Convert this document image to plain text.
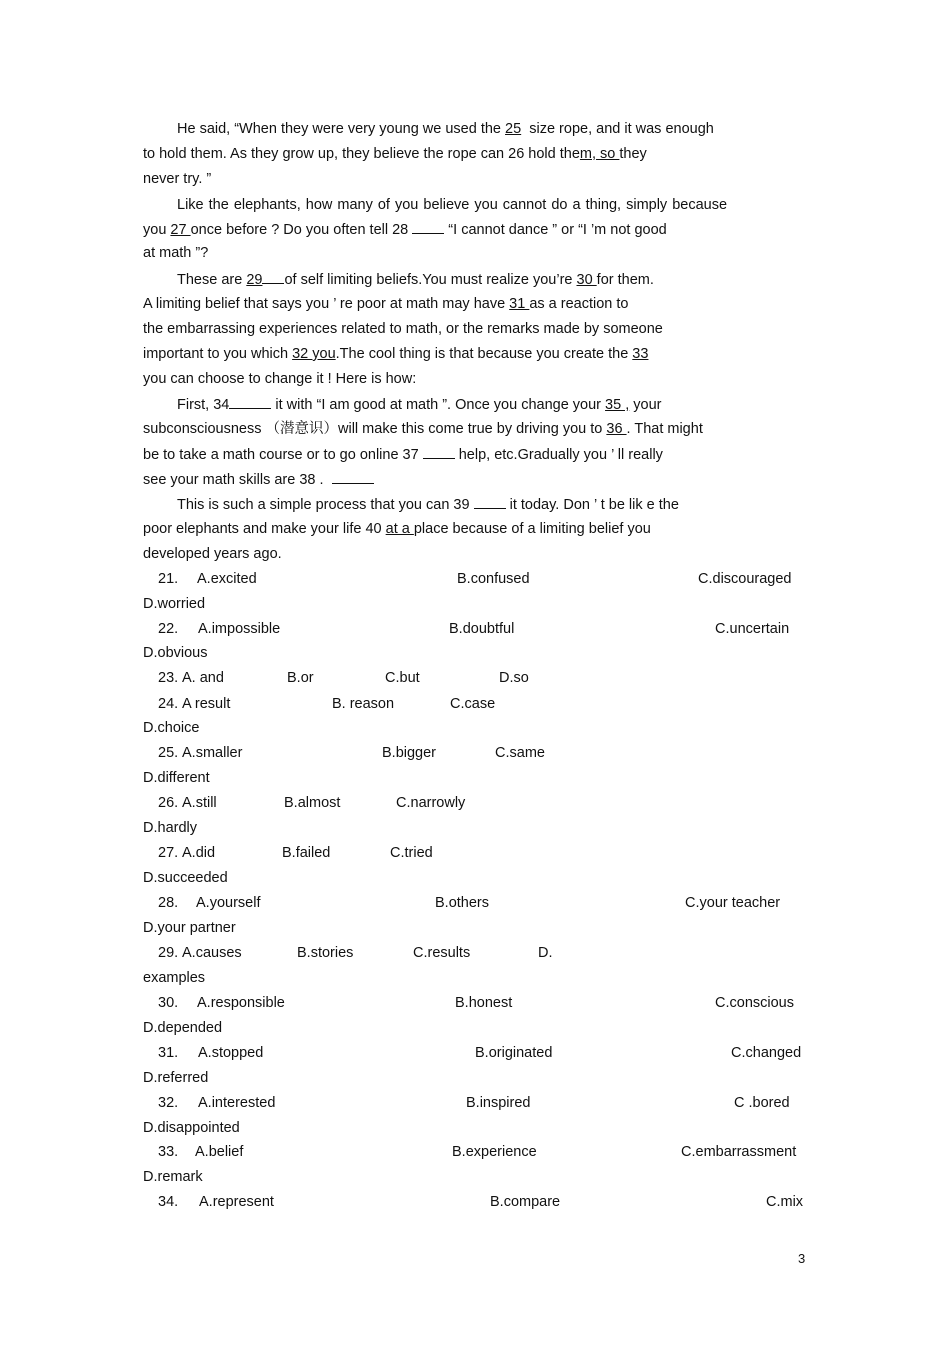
He said, “When they were very young we used the 25  size rope, and it was enough
to hold them. As they grow up, they believe the rope can 26 hold them, so they
never try. ”
Like the elephants, how many of you believe you cannot do a thing, simply because
you 27 once before ? Do you often tell 28  “I cannot dance ” or “I ’m not good
at math ”?
These are 29 of self limiting beliefs.You must realize you’re 30 for them.
A limiting belief that says you ’ re poor at math may have 31 as a reaction to
the embarrassing experiences related to math, or the remarks made by someone
important to you which 32 you.The cool thing is that because you create the 33
you can choose to change it ! Here is how:
First, 34	it with “I am good at math ”. Once you change your 35 , your
subconsciousness （潜意识）will make this come true by driving you to 36 . That might
be to take a math course or to go online 37  help, etc.Gradually you ’ ll really
see your math skills are 38 .
This is such a simple process that you can 39  it today. Don ’ t be lik e the
poor elephants and make your life 40 at a place because of a limiting belief you
developed years ago.
21. A.excited	B.confused	C.discouraged
D.worried
22. A.impossible	B.doubtful	C.uncertain
D.obvious
23. A. and	B.or	C.but	D.so
24. A result	B. reason	C.case
D.choice
25. A.smaller	B.bigger	C.same
D.different
26. A.still	B.almost	C.narrowly
D.hardly
27. A.did	B.failed	C.tried
D.succeeded
28. A.yourself	B.others	C.your teacher
D.your partner
29. A.causes	B.stories	C.results	D.
examples
30. A.responsible	B.honest	C.conscious
D.depended
31. A.stopped	B.originated	C.changed
D.referred
32. A.interested	B.inspired	C .bored
D.disappointed
33. A.belief	B.experience	C.embarrassment
D.remark
34. A.represent	B.compare	C.mix
3
